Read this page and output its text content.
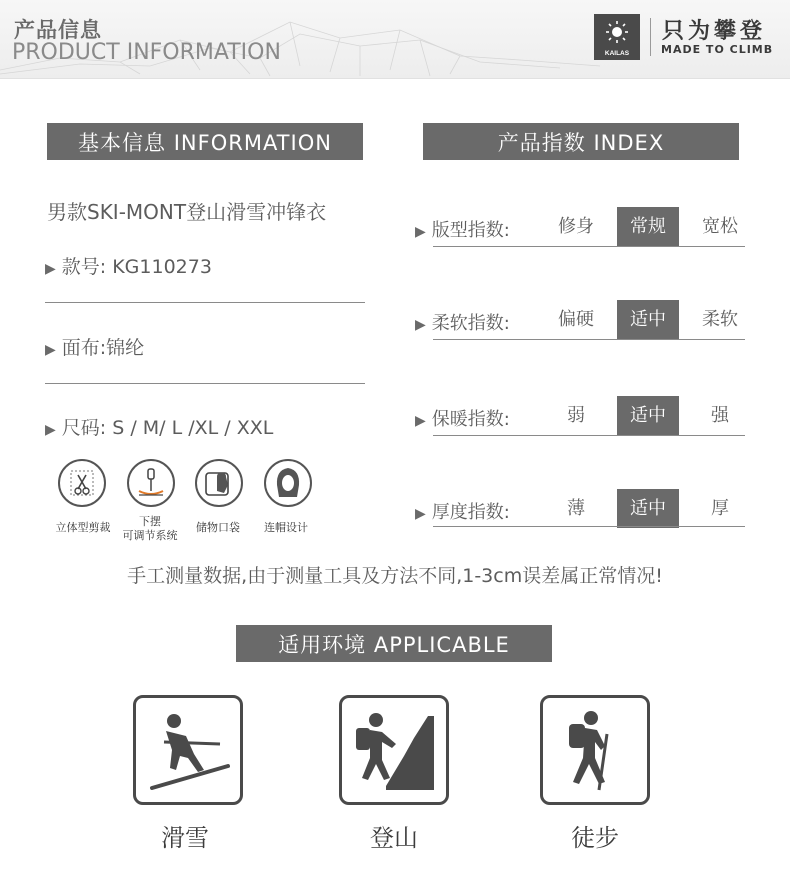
产品信息
PRODUCT INFORMATION	KAILAS
只为攀登
MADE TO CLIMB
基本信息 INFORMATION
男款SKI-MONT登山滑雪冲锋衣
▶ 款号: KG110273
▶ 面布:锦纶
▶ 尺码: S / M/ L /XL / XXL
立体型剪裁	下摆
可调节系统
储物口袋	连帽设计
产品指数 INDEX
▶ 版型指数:	修身	常规	宽松
▶ 柔软指数:	偏硬	适中	柔软
▶ 保暖指数:	弱	适中	强
▶ 厚度指数:	薄	适中	厚
手工测量数据,由于测量工具及方法不同,1-3cm误差属正常情况!
适用环境 APPLICABLE
滑雪	登山	徒步
